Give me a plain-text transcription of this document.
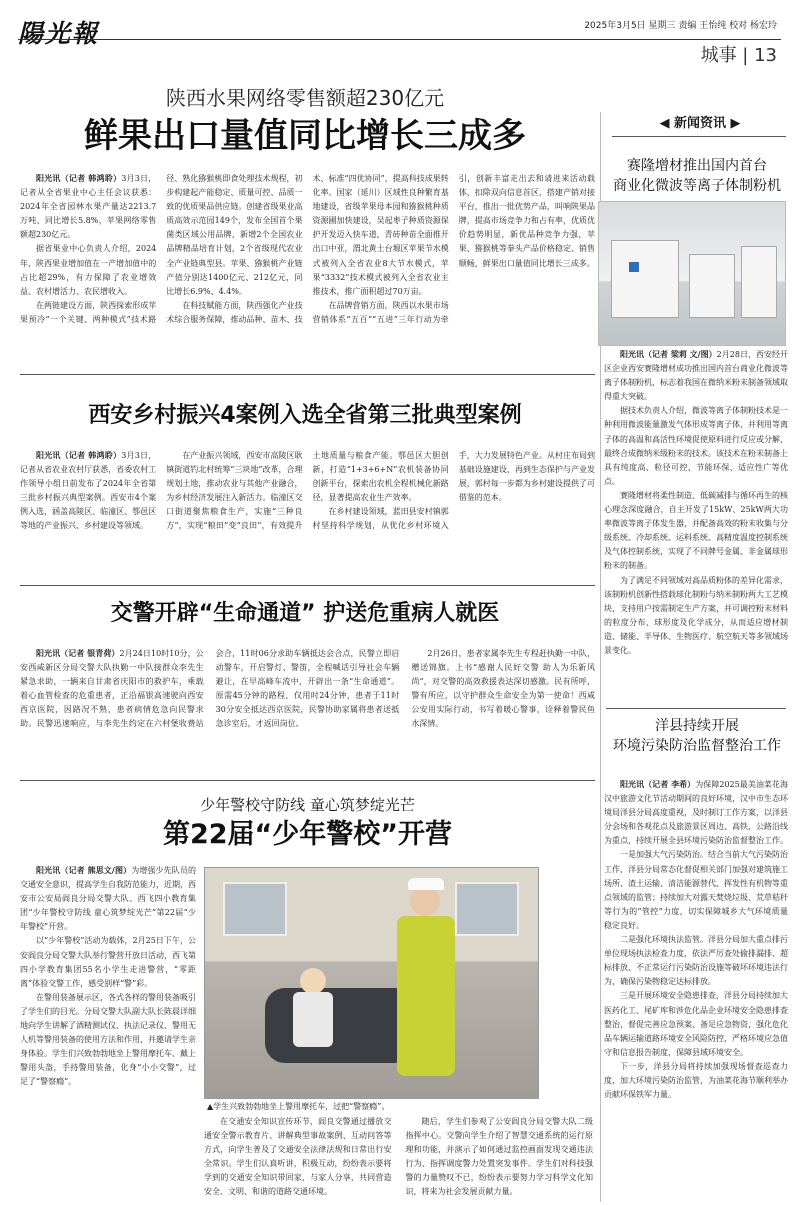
陽光報	2025年3月5日 星期三 责编 王怡纯 校对 杨宏玲
城事 | 13
陕西水果网络零售额超230亿元
鲜果出口量值同比增长三成多

阳光讯（记者 韩鸿聆）3月3日，记者从全省果业中心主任会议获悉：2024年全省园林水果产量达2213.7万吨、同比增长5.8%，苹果网络零售额超230亿元。

据省果业中心负责人介绍，2024年，陕西果业增加值在一产增加值中的占比超29%，有力保障了农业增效益、农村增活力、农民增收入。

在两链建设方面，陕西探索形成苹果预冷“一个关键、两种模式”技术路径、熟化猕猴桃即食处理技术规程，初步构建起产能稳定、质量可控、品质一致的优质果品供应链。创建省级果业高质高效示范园149个，发布全国首个果菌类区域公用品牌，新增2个全国农业品牌精品培育计划，2个省级现代农业全产业链典型县。苹果、猕猴桃产业链产值分别达1400亿元、212亿元，同比增长6.9%、4.4%。

在科技赋能方面，陕西强化产业技术综合服务保障，推动品种、苗木、技术、标准“四优协同”，提高科技成果转化率。国家（延川）区域性良种繁育基地建设，省级苹果母本园和猕猴桃种质资源圃加快建设，吴起枣子种质资源保护开发迈入快车道，青砖种苗全面推开出口中亚，渭北黄土台塬区苹果节水模式被列入全省农业8大节水模式，苹果“3332”技术模式被列入全省农业主推技术，推广面积超过70万亩。

在品牌营销方面，陕西以水果市场营销体系“五百”“五进”三年行动为牵引，创新丰富走出去和请进来活动载体，扣除双向信息首区，搭建产销对接平台，推出一批优势产品，叫响陕果品牌，提高市场竞争力和占有率，优质优价趋势明显，新优品种竞争力强，苹果、猕猴桃等拳头产品价格稳定、销售顺畅，鲜果出口量值同比增长三成多。

西安乡村振兴4案例入选全省第三批典型案例

阳光讯（记者 韩鸿聆）3月3日，记者从省农业农村厅获悉，省委农村工作领导小组日前发布了2024年全省第三批乡村振兴典型案例。西安市4个案例入选，涵盖高陵区、临潼区、鄠邑区等地的产业振兴、乡村建设等领域。

在产业振兴领域，西安市高陵区耿镇街道钓北村统筹“三块地”改革，合理规划土地，推动农业与其他产业融合，为乡村经济发展注入新活力。临潼区交口街道聚焦粮食生产，实施“三种良方”，实现“粮田”变“良田”，有效提升土地质量与粮食产能。鄠邑区大胆创新，打造“1+3+6+N”农机装备协同创新平台，探索出农机全程机械化新路径，显著提高农业生产效率。

在乡村建设领域，蓝田县安村镇郭村坚持科学规划，从优化乡村环境入手，大力发展特色产业。从村庄布局到基础设施建设，再到生态保护与产业发展，郭村每一步都为乡村建设提供了可借鉴的范本。

交警开辟“生命通道” 护送危重病人就医

阳光讯（记者 银青荷）2月24日10时10分，公安西咸新区分局交警大队执勤一中队接群众李先生紧急求助，一辆来自甘肃省庆阳市的救护车，乘载着心血管检查的危重患者，正沿福银高速驶向西安西京医院，因路况不熟，患者病情危急向民警求助。民警迅速响应，与李先生约定在六村堡收费站会合，11时06分求助车辆抵达会合点，民警立即启动警车，开启警灯、警笛，全程喊话引导社会车辆避让，在早高峰车流中，开辟出一条“生命通道”。原需45分钟的路程，仅用时24分钟，患者于11时30分安全抵达西京医院，民警协助家属将患者送抵急诊室后，才返回岗位。

2月26日，患者家属李先生专程赶执勤一中队，赠送锦旗。上书“感谢人民好交警 助人为乐新风尚”，对交警的高效救援表达深切感激。民有所呼，警有所应，以守护群众生命安全为第一使命！西咸公安用实际行动，书写着暖心警事，诠释着警民鱼水深情。

少年警校守防线 童心筑梦绽光芒
第22届“少年警校”开营

阳光讯（记者 熊思文/图）为增强少先队员的交通安全意识，提高学生自我防范能力，近期，西安市公安局阎良分局交警大队、西飞四小教育集团“少年警校守防线 童心筑梦绽光芒”第22届“少年警校”开营。

以“少年警校”活动为载体，2月25日下午，公安阎良分局交警大队举行警营开放日活动，西飞第四小学教育集团55名小学生走进警营，“零距离”体验交警工作，感受别样“警”彩。

在警用装备展示区，各式各样的警用装备吸引了学生们的目光。分局交警大队副大队长陈晨详细地向学生讲解了酒精测试仪、执法记录仪、警用无人机等警用装备的使用方法和作用，并邀请学生亲身体验。学生们兴致勃勃地坐上警用摩托车、戴上警用头盔，手持警用装备，化身“小小交警”，过足了“警察瘾”。

▲学生兴致勃勃地坐上警用摩托车，过把“警察瘾”。

在交通安全知识宣传环节，阎良交警通过播放交通安全警示教育片、讲解典型事故案例、互动问答等方式，向学生普及了交通安全法律法规和日常出行安全常识。学生们认真听讲，积极互动，纷纷表示要将学到的交通安全知识带回家，与家人分享，共同营造安全、文明、和谐的道路交通环境。

随后，学生们参观了公安阎良分局交警大队二级指挥中心。交警向学生介绍了智慧交通系统的运行原理和功能，并演示了如何通过监控画面发现交通违法行为、指挥调度警力处置突发事件。学生们对科技强警的力量赞叹不已，纷纷表示要努力学习科学文化知识，将来为社会发展贡献力量。

◀ 新闻资讯 ▶
赛隆增材推出国内首台
商业化微波等离子体制粉机

阳光讯（记者 梁莉 文/图）2月28日，西安经开区企业西安赛隆增材成功推出国内首台商业化微波等离子体制粉机，标志着我国在微纳米粉末制备领域取得重大突破。

据技术负责人介绍，微波等离子体制粉技术是一种利用微波能量激发气体形成等离子体，并利用等离子体的高温和高活性环境促使原料进行反应或分解，最终合成微纳米级粉末的技术。该技术在粉末制备上具有纯度高、粒径可控、节能环保、适应性广等优点。

赛隆增材将柔性制造、低碳减排与循环再生的核心理念深度融合，自主开发了15kW、25kW两大功率微波等离子体发生器，并配备高效的粉末收集与分级系统、冷却系统、运料系统、高精度温度控制系统及气体控制系统，实现了不同牌号金属、非金属球形粉末的制备。

为了满足不同领域对高品质粉体的差异化需求，该制粉机创新性搭载球化制粉与纳米制粉两大工艺模块，支持用户按需制定生产方案，并可调控粉末材料的粒度分布、球形度及化学成分，从而适应增材制造、储能、半导体、生物医疗、航空航天等多领域场景变化。

洋县持续开展
环境污染防治监督整治工作

阳光讯（记者 李希）为保障2025最美油菜花海汉中旅游文化节活动期间的良好环境，汉中市生态环境局洋县分局高度重视，及时制订工作方案，以洋县分会场和各观花点及旅游景区周边、高铁、公路沿线为重点，持续开展全县环境污染防治监督整治工作。

一是加强大气污染防治。结合当前大气污染防治工作，洋县分局常态化督促相关部门加强对建筑施工场所、渣土运输、清洁能源替代、挥发性有机物等重点领域的监管；持续加大对露天焚烧垃圾、荒草秸秆等行为的“管控”力度，切实保障城乡大气环境质量稳定良好。

二是强化环境执法监管。洋县分局加大重点排污单位现场执法检查力度，依法严厉查处偷排漏排、超标排放、不正常运行污染防治设施等破坏环境违法行为，确保污染物稳定达标排放。

三是开展环境安全隐患排查，洋县分局持续加大医药化工、尾矿库和涉危化品企业环境安全隐患排查整治，督促完善应急预案、备足应急物资，强化危化品车辆运输道路环境安全风险防控，严格环境应急值守和信息报告制度，保障县域环境安全。

下一步，洋县分局将持续加强现场督查巡查力度，加大环境污染防治监管，为油菜花海节顺利举办贡献环保铁军力量。
